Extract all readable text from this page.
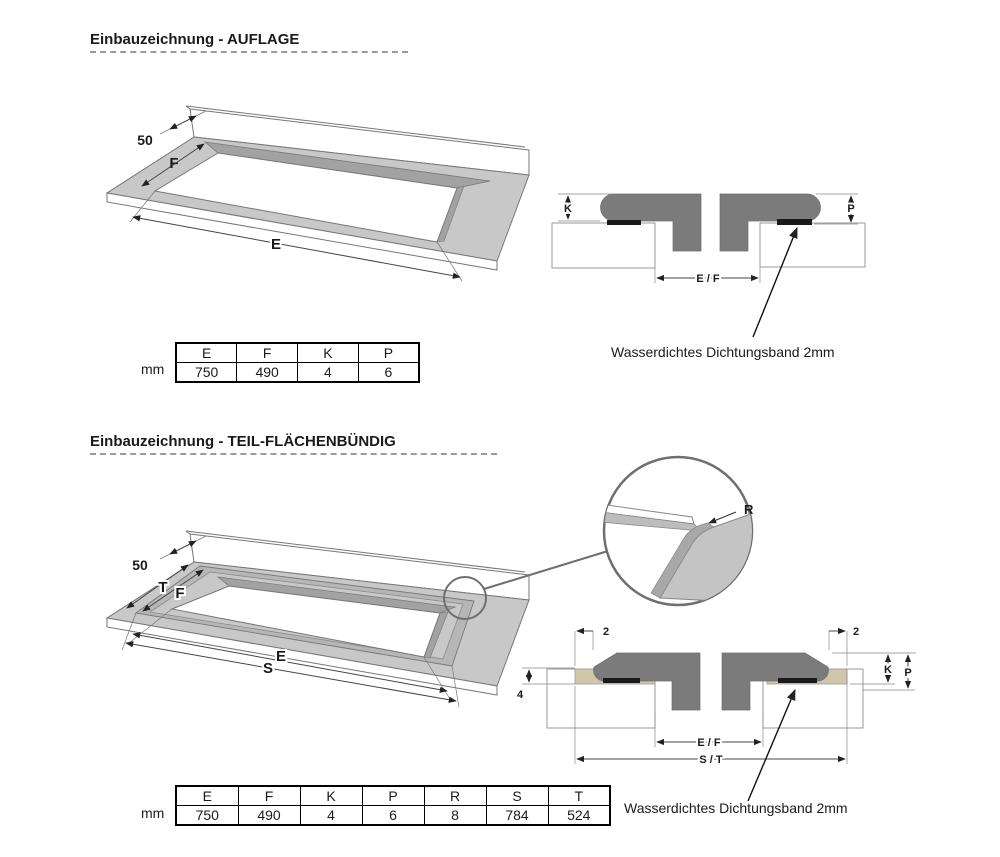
50
F
E
K	P
E / F
50
T F
E
S
R
2	2
4
K P
E / F
S / T
Einbauzeichnung - AUFLAGE
Wasserdichtes Dichtungsband 2mm
mm
E	F	K	P
750	490	4	6
Einbauzeichnung - TEIL-FLÄCHENBÜNDIG
Wasserdichtes Dichtungsband 2mm
mm
E	F	K	P	R	S	T
750	490	4	6	8	784	524
